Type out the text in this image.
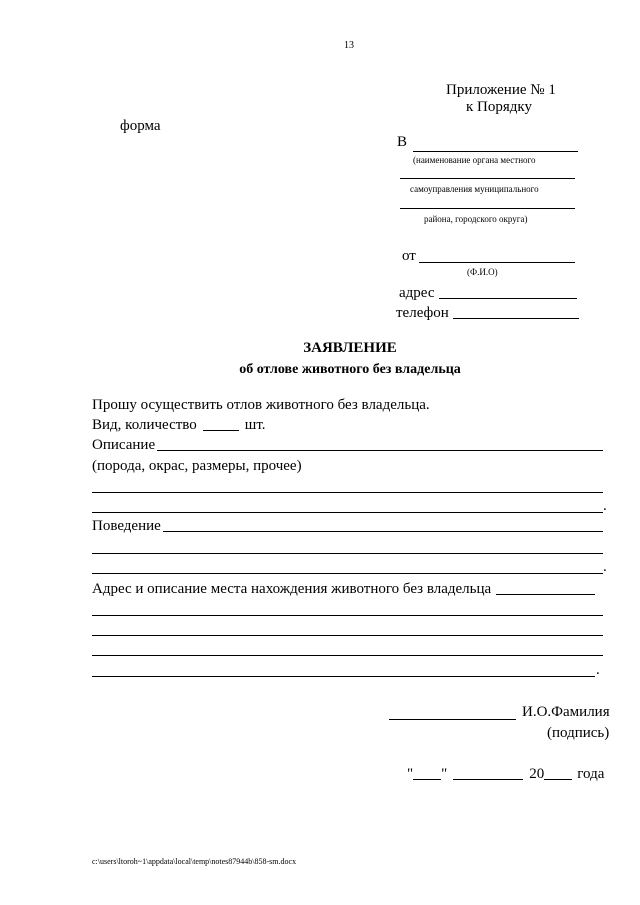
13
Приложение № 1
к Порядку
форма
В
(наименование органа местного
самоуправления муниципального
района, городского округа)
от
(Ф.И.О)
адрес
телефон
ЗАЯВЛЕНИЕ
об отлове животного без владельца
Прошу осуществить отлов животного без владельца.
Вид, количество	шт.
Описание
(порода, окрас, размеры, прочее)
.
Поведение
.
Адрес и описание места нахождения животного без владельца
.
И.О.Фамилия
(подпись)
" "	20 года
c:\users\ltoroh~1\appdata\local\temp\notes87944b\858-sm.docx
